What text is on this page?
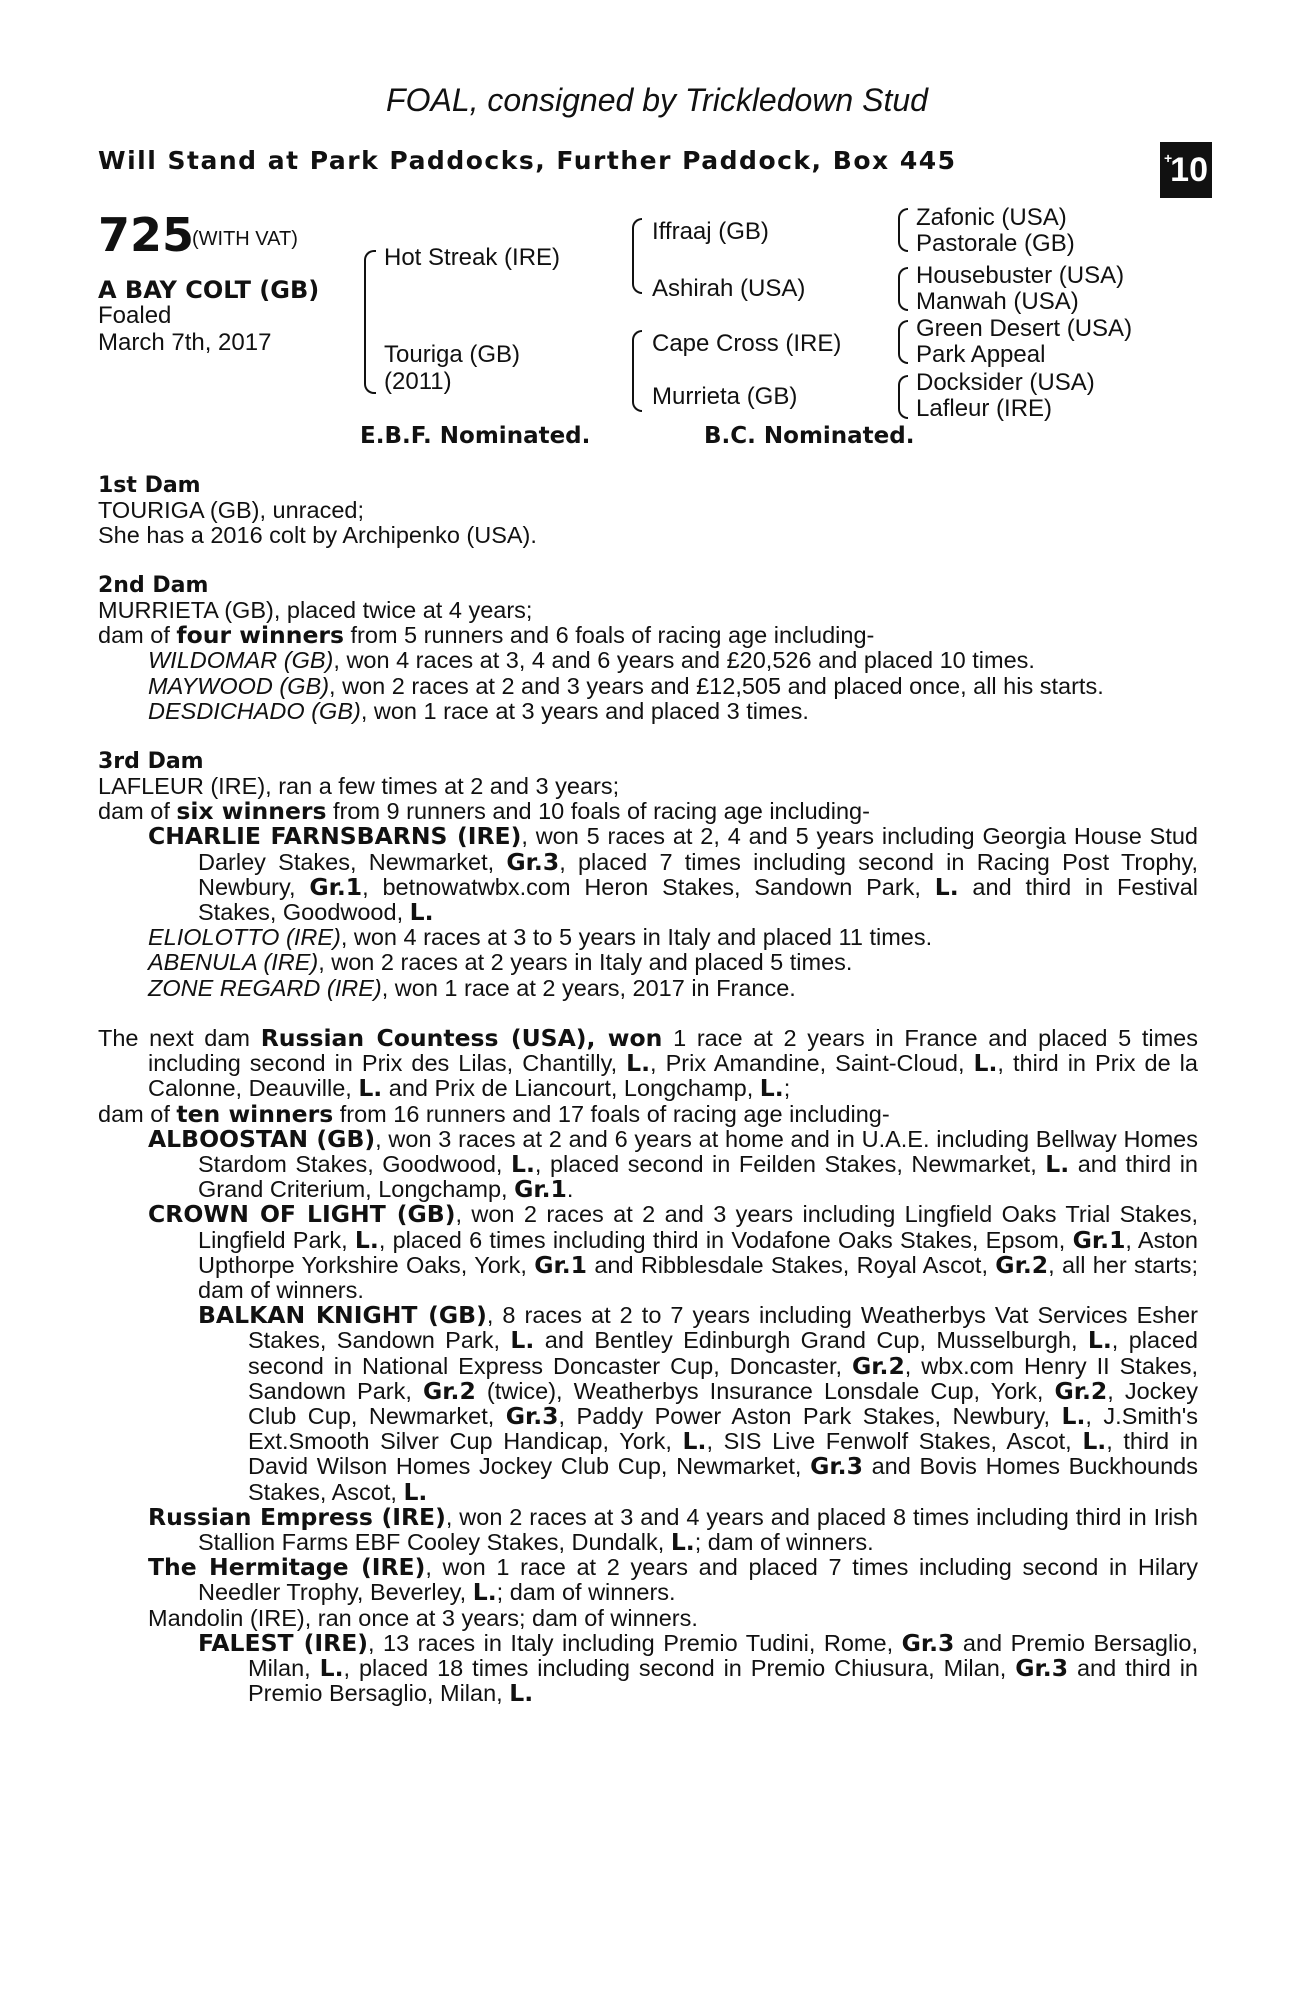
FOAL, consigned by Trickledown Stud
Will Stand at Park Paddocks, Further Paddock, Box 445	+
10
725
(WITH VAT)
A BAY COLT (GB)
Foaled
March 7th, 2017
Hot Streak (IRE)
Touriga (GB)
(2011)
Iffraaj (GB)
Ashirah (USA)
Cape Cross (IRE)
Murrieta (GB)
Zafonic (USA)
Pastorale (GB)
Housebuster (USA)
Manwah (USA)
Green Desert (USA)
Park Appeal
Docksider (USA)
Lafleur (IRE)
E.B.F. Nominated.	B.C. Nominated.
1st Dam
TOURIGA (GB), unraced;
She has a 2016 colt by Archipenko (USA).
2nd Dam
MURRIETA (GB), placed twice at 4 years;
dam of four winners from 5 runners and 6 foals of racing age including-
WILDOMAR (GB), won 4 races at 3, 4 and 6 years and £20,526 and placed 10 times.
MAYWOOD (GB), won 2 races at 2 and 3 years and £12,505 and placed once, all his starts.
DESDICHADO (GB), won 1 race at 3 years and placed 3 times.
3rd Dam
LAFLEUR (IRE), ran a few times at 2 and 3 years;
dam of six winners from 9 runners and 10 foals of racing age including-
CHARLIE FARNSBARNS (IRE), won 5 races at 2, 4 and 5 years including Georgia House Stud Darley Stakes, Newmarket, Gr.3, placed 7 times including second in Racing Post Trophy, Newbury, Gr.1, betnowatwbx.com Heron Stakes, Sandown Park, L. and third in Festival Stakes, Goodwood, L.
ELIOLOTTO (IRE), won 4 races at 3 to 5 years in Italy and placed 11 times.
ABENULA (IRE), won 2 races at 2 years in Italy and placed 5 times.
ZONE REGARD (IRE), won 1 race at 2 years, 2017 in France.
The next dam Russian Countess (USA), won 1 race at 2 years in France and placed 5 times including second in Prix des Lilas, Chantilly, L., Prix Amandine, Saint-Cloud, L., third in Prix de la Calonne, Deauville, L. and Prix de Liancourt, Longchamp, L.;
dam of ten winners from 16 runners and 17 foals of racing age including-
ALBOOSTAN (GB), won 3 races at 2 and 6 years at home and in U.A.E. including Bellway Homes Stardom Stakes, Goodwood, L., placed second in Feilden Stakes, Newmarket, L. and third in Grand Criterium, Longchamp, Gr.1.
CROWN OF LIGHT (GB), won 2 races at 2 and 3 years including Lingfield Oaks Trial Stakes, Lingfield Park, L., placed 6 times including third in Vodafone Oaks Stakes, Epsom, Gr.1, Aston Upthorpe Yorkshire Oaks, York, Gr.1 and Ribblesdale Stakes, Royal Ascot, Gr.2, all her starts; dam of winners.
BALKAN KNIGHT (GB), 8 races at 2 to 7 years including Weatherbys Vat Services Esher Stakes, Sandown Park, L. and Bentley Edinburgh Grand Cup, Musselburgh, L., placed second in National Express Doncaster Cup, Doncaster, Gr.2, wbx.com Henry II Stakes, Sandown Park, Gr.2 (twice), Weatherbys Insurance Lonsdale Cup, York, Gr.2, Jockey Club Cup, Newmarket, Gr.3, Paddy Power Aston Park Stakes, Newbury, L., J.Smith's Ext.Smooth Silver Cup Handicap, York, L., SIS Live Fenwolf Stakes, Ascot, L., third in David Wilson Homes Jockey Club Cup, Newmarket, Gr.3 and Bovis Homes Buckhounds Stakes, Ascot, L.
Russian Empress (IRE), won 2 races at 3 and 4 years and placed 8 times including third in Irish Stallion Farms EBF Cooley Stakes, Dundalk, L.; dam of winners.
The Hermitage (IRE), won 1 race at 2 years and placed 7 times including second in Hilary Needler Trophy, Beverley, L.; dam of winners.
Mandolin (IRE), ran once at 3 years; dam of winners.
FALEST (IRE), 13 races in Italy including Premio Tudini, Rome, Gr.3 and Premio Bersaglio, Milan, L., placed 18 times including second in Premio Chiusura, Milan, Gr.3 and third in Premio Bersaglio, Milan, L.
